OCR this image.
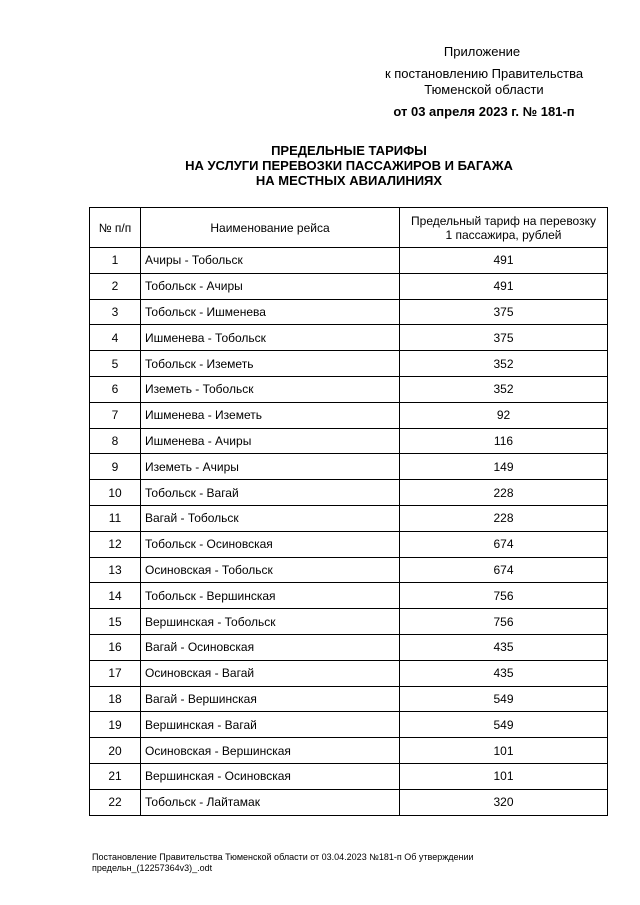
Приложение
к постановлению Правительства
Тюменской области
от 03 апреля 2023 г. № 181-п
ПРЕДЕЛЬНЫЕ ТАРИФЫ
НА УСЛУГИ ПЕРЕВОЗКИ ПАССАЖИРОВ И БАГАЖА
НА МЕСТНЫХ АВИАЛИНИЯХ
№ п/п	Наименование рейса	Предельный тариф на перевозку
1 пассажира, рублей
1	Ачиры - Тобольск	491
2	Тобольск - Ачиры	491
3	Тобольск - Ишменева	375
4	Ишменева - Тобольск	375
5	Тобольск - Иземеть	352
6	Иземеть - Тобольск	352
7	Ишменева - Иземеть	92
8	Ишменева - Ачиры	116
9	Иземеть - Ачиры	149
10	Тобольск - Вагай	228
11	Вагай - Тобольск	228
12	Тобольск - Осиновская	674
13	Осиновская - Тобольск	674
14	Тобольск - Вершинская	756
15	Вершинская - Тобольск	756
16	Вагай - Осиновская	435
17	Осиновская - Вагай	435
18	Вагай - Вершинская	549
19	Вершинская - Вагай	549
20	Осиновская - Вершинская	101
21	Вершинская - Осиновская	101
22	Тобольск - Лайтамак	320
Постановление Правительства Тюменской области от 03.04.2023 №181-п Об утверждении
предельн_(12257364v3)_.odt
